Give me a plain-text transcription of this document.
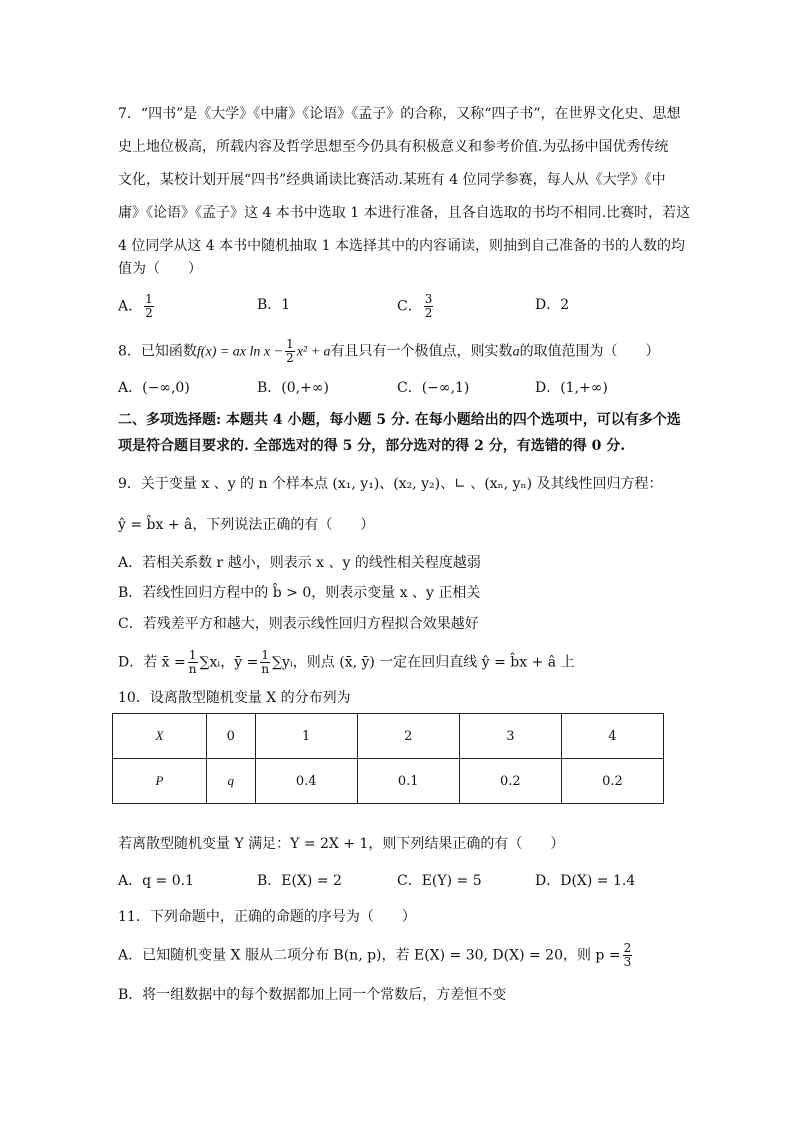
7．“四书”是《大学》《中庸》《论语》《孟子》的合称，又称“四子书”，在世界文化史、思想
史上地位极高，所载内容及哲学思想至今仍具有积极意义和参考价值.为弘扬中国优秀传统
文化，某校计划开展“四书”经典诵读比赛活动.某班有 4 位同学参赛，每人从《大学》《中
庸》《论语》《孟子》这 4 本书中选取 1 本进行准备，且各自选取的书均不相同.比赛时，若这
4 位同学从这 4 本书中随机抽取 1 本选择其中的内容诵读，则抽到自己准备的书的人数的均
值为（　　）
A． $\frac{1}{2}$	B．1	C． $\frac{3}{2}$	D．2
8．已知函数f(x) = ax $\ln x - \frac{1}{2} x^2 + a$有且只有一个极值点，则实数a的取值范围为（　　）
A．(−∞,0)	B．(0,+∞)	C．(−∞,1)	D．(1,+∞)
二、多项选择题: 本题共 4 小题，每小题 5 分. 在每小题给出的四个选项中，可以有多个选
项是符合题目要求的. 全部选对的得 5 分，部分选对的得 2 分，有选错的得 0 分.
9．关于变量 x 、y 的 n 个样本点 (x₁, y₁)、(x₂, y₂)、∟ 、(xₙ, yₙ) 及其线性回归方程：
ŷ = b̂x + â，下列说法正确的有（　　）
A．若相关系数 r 越小，则表示 x 、y 的线性相关程度越弱
B．若线性回归方程中的 b̂ > 0，则表示变量 x 、y 正相关
C．若残差平方和越大，则表示线性回归方程拟合效果越好
D．若 x̄ = $\frac{1}{n}$ ∑xᵢ，ȳ = $\frac{1}{n}$ ∑yᵢ，则点 (x̄, ȳ) 一定在回归直线 ŷ = b̂x + â 上
10．设离散型随机变量 X 的分布列为
X	0	1	2	3	4
P	q	0.4	0.1	0.2	0.2
若离散型随机变量 Y 满足：Y = 2X + 1，则下列结果正确的有（　　）
A．q = 0.1	B．E(X) = 2	C．E(Y) = 5	D．D(X) = 1.4
11．下列命题中，正确的命题的序号为（　　）
A．已知随机变量 X 服从二项分布 B(n, p)，若 E(X) = 30, D(X) = 20，则 $p = \frac{2}{3}$
B．将一组数据中的每个数据都加上同一个常数后，方差恒不变
